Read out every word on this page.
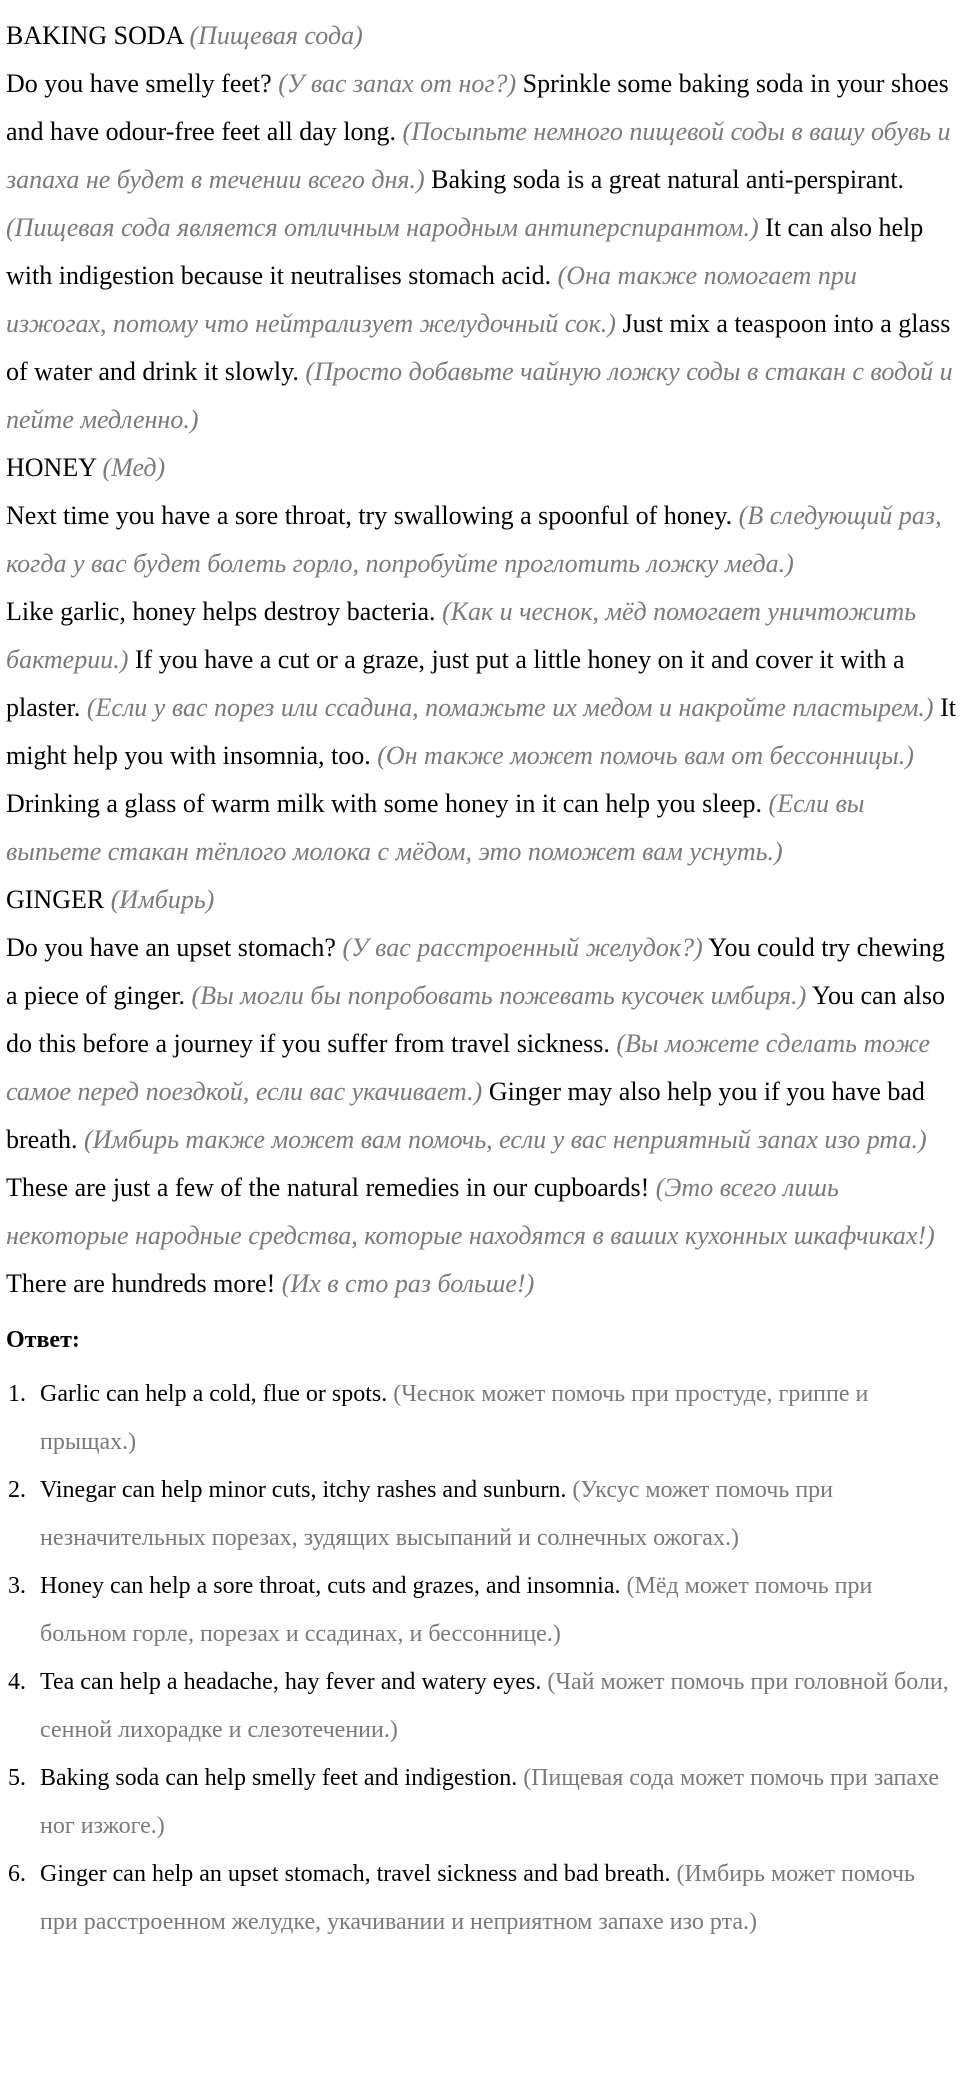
BAKING SODA (Пищевая сода)

Do you have smelly feet? (У вас запах от ног?) Sprinkle some baking soda in your shoes and have odour-free feet all day long. (Посыпьте немного пищевой соды в вашу обувь и запаха не будет в течении всего дня.) Baking soda is a great natural anti-perspirant. (Пищевая сода является отличным народным антиперспирантом.) It can also help with indigestion because it neutralises stomach acid. (Она также помогает при изжогах, потому что нейтрализует желудочный сок.) Just mix a teaspoon into a glass of water and drink it slowly. (Просто добавьте чайную ложку соды в стакан с водой и пейте медленно.)

HONEY (Мед)

Next time you have a sore throat, try swallowing a spoonful of honey. (В следующий раз, когда у вас будет болеть горло, попробуйте проглотить ложку меда.)

Like garlic, honey helps destroy bacteria. (Как и чеснок, мёд помогает уничтожить бактерии.) If you have a cut or a graze, just put a little honey on it and cover it with a plaster. (Если у вас порез или ссадина, помажьте их медом и накройте пластырем.) It might help you with insomnia, too. (Он также может помочь вам от бессонницы.) Drinking a glass of warm milk with some honey in it can help you sleep. (Если вы выпьете стакан тёплого молока с мёдом, это поможет вам уснуть.)

GINGER (Имбирь)

Do you have an upset stomach? (У вас расстроенный желудок?) You could try chewing a piece of ginger. (Вы могли бы попробовать пожевать кусочек имбиря.) You can also do this before a journey if you suffer from travel sickness. (Вы можете сделать тоже самое перед поездкой, если вас укачивает.) Ginger may also help you if you have bad breath. (Имбирь также может вам помочь, если у вас неприятный запах изо рта.)

These are just a few of the natural remedies in our cupboards! (Это всего лишь некоторые народные средства, которые находятся в ваших кухонных шкафчиках!) There are hundreds more! (Их в сто раз больше!)

Ответ:
1. Garlic can help a cold, flue or spots. (Чеснок может помочь при простуде, гриппе и прыщах.)
2. Vinegar can help minor cuts, itchy rashes and sunburn. (Уксус может помочь при незначительных порезах, зудящих высыпаний и солнечных ожогах.)
3. Honey can help a sore throat, cuts and grazes, and insomnia. (Мёд может помочь при больном горле, порезах и ссадинах, и бессоннице.)
4. Tea can help a headache, hay fever and watery eyes. (Чай может помочь при головной боли, сенной лихорадке и слезотечении.)
5. Baking soda can help smelly feet and indigestion. (Пищевая сода может помочь при запахе ног изжоге.)
6. Ginger can help an upset stomach, travel sickness and bad breath. (Имбирь может помочь при расстроенном желудке, укачивании и неприятном запахе изо рта.)
